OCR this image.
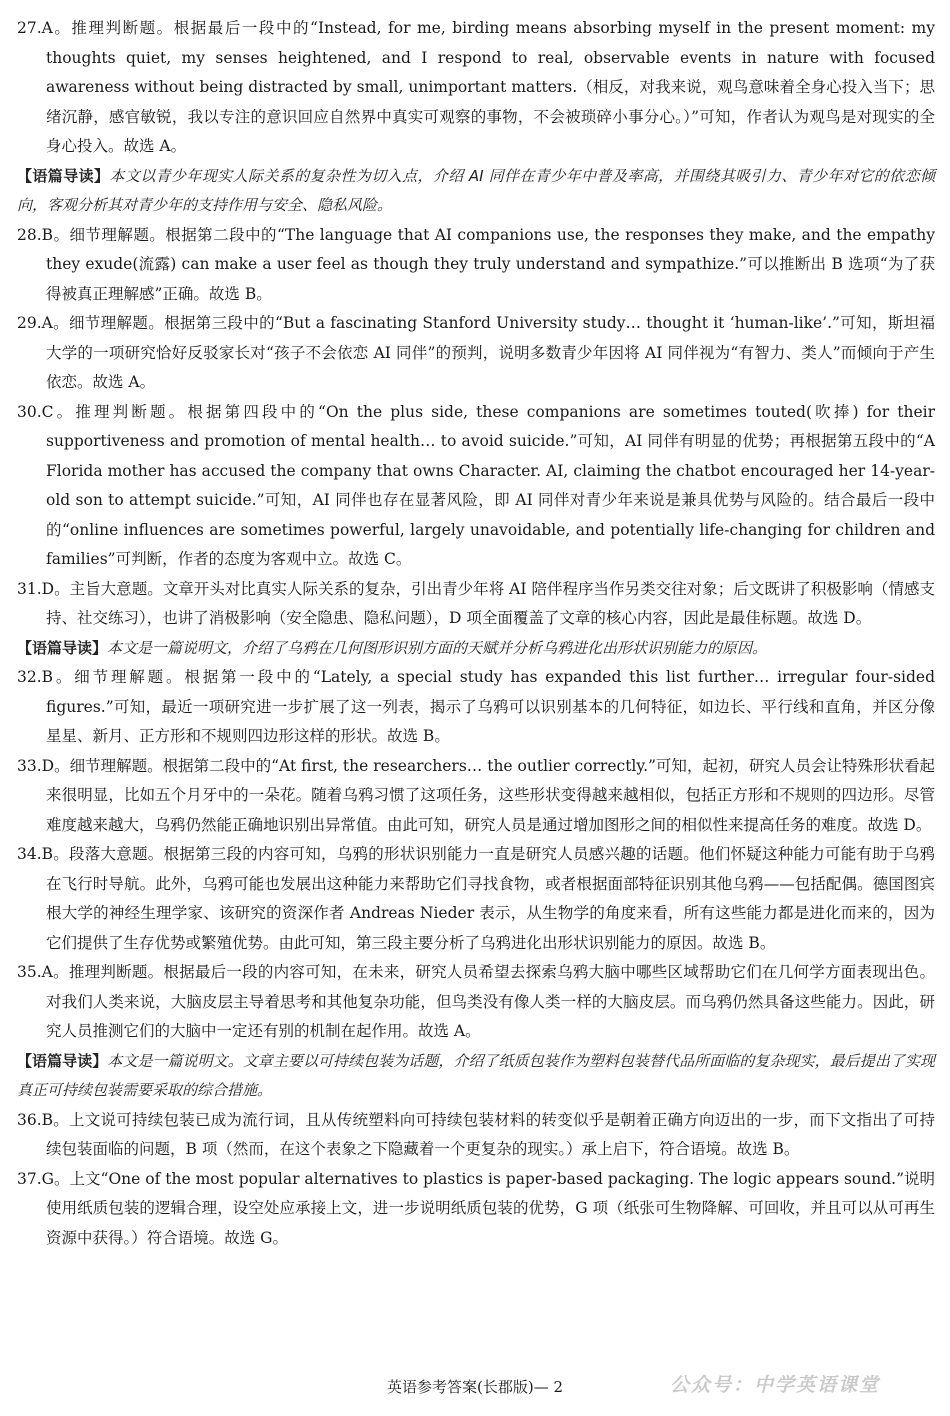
27.A。推理判断题。根据最后一段中的“Instead, for me, birding means absorbing myself in the present moment: my thoughts quiet, my senses heightened, and I respond to real, observable events in nature with focused awareness without being distracted by small, unimportant matters.（相反，对我来说，观鸟意味着全身心投入当下；思绪沉静，感官敏锐，我以专注的意识回应自然界中真实可观察的事物，不会被琐碎小事分心。）”可知，作者认为观鸟是对现实的全身心投入。故选 A。

【语篇导读】本文以青少年现实人际关系的复杂性为切入点，介绍 AI 同伴在青少年中普及率高，并围绕其吸引力、青少年对它的依恋倾向，客观分析其对青少年的支持作用与安全、隐私风险。

28.B。细节理解题。根据第二段中的“The language that AI companions use, the responses they make, and the empathy they exude(流露) can make a user feel as though they truly understand and sympathize.”可以推断出 B 选项“为了获得被真正理解感”正确。故选 B。

29.A。细节理解题。根据第三段中的“But a fascinating Stanford University study… thought it ‘human-like’.”可知，斯坦福大学的一项研究恰好反驳家长对“孩子不会依恋 AI 同伴”的预判，说明多数青少年因将 AI 同伴视为“有智力、类人”而倾向于产生依恋。故选 A。

30.C。推理判断题。根据第四段中的“On the plus side, these companions are sometimes touted(吹捧) for their supportiveness and promotion of mental health… to avoid suicide.”可知，AI 同伴有明显的优势；再根据第五段中的“A Florida mother has accused the company that owns Character. AI, claiming the chatbot encouraged her 14-year-old son to attempt suicide.”可知，AI 同伴也存在显著风险，即 AI 同伴对青少年来说是兼具优势与风险的。结合最后一段中的“online influences are sometimes powerful, largely unavoidable, and potentially life-changing for children and families”可判断，作者的态度为客观中立。故选 C。

31.D。主旨大意题。文章开头对比真实人际关系的复杂，引出青少年将 AI 陪伴程序当作另类交往对象；后文既讲了积极影响（情感支持、社交练习），也讲了消极影响（安全隐患、隐私问题），D 项全面覆盖了文章的核心内容，因此是最佳标题。故选 D。

【语篇导读】本文是一篇说明文，介绍了乌鸦在几何图形识别方面的天赋并分析乌鸦进化出形状识别能力的原因。

32.B。细节理解题。根据第一段中的“Lately, a special study has expanded this list further… irregular four-sided figures.”可知，最近一项研究进一步扩展了这一列表，揭示了乌鸦可以识别基本的几何特征，如边长、平行线和直角，并区分像星星、新月、正方形和不规则四边形这样的形状。故选 B。

33.D。细节理解题。根据第二段中的“At first, the researchers… the outlier correctly.”可知，起初，研究人员会让特殊形状看起来很明显，比如五个月牙中的一朵花。随着乌鸦习惯了这项任务，这些形状变得越来越相似，包括正方形和不规则的四边形。尽管难度越来越大，乌鸦仍然能正确地识别出异常值。由此可知，研究人员是通过增加图形之间的相似性来提高任务的难度。故选 D。

34.B。段落大意题。根据第三段的内容可知，乌鸦的形状识别能力一直是研究人员感兴趣的话题。他们怀疑这种能力可能有助于乌鸦在飞行时导航。此外，乌鸦可能也发展出这种能力来帮助它们寻找食物，或者根据面部特征识别其他乌鸦——包括配偶。德国图宾根大学的神经生理学家、该研究的资深作者 Andreas Nieder 表示，从生物学的角度来看，所有这些能力都是进化而来的，因为它们提供了生存优势或繁殖优势。由此可知，第三段主要分析了乌鸦进化出形状识别能力的原因。故选 B。

35.A。推理判断题。根据最后一段的内容可知，在未来，研究人员希望去探索乌鸦大脑中哪些区域帮助它们在几何学方面表现出色。对我们人类来说，大脑皮层主导着思考和其他复杂功能，但鸟类没有像人类一样的大脑皮层。而乌鸦仍然具备这些能力。因此，研究人员推测它们的大脑中一定还有别的机制在起作用。故选 A。

【语篇导读】本文是一篇说明文。文章主要以可持续包装为话题，介绍了纸质包装作为塑料包装替代品所面临的复杂现实，最后提出了实现真正可持续包装需要采取的综合措施。

36.B。上文说可持续包装已成为流行词，且从传统塑料向可持续包装材料的转变似乎是朝着正确方向迈出的一步，而下文指出了可持续包装面临的问题，B 项（然而，在这个表象之下隐藏着一个更复杂的现实。）承上启下，符合语境。故选 B。

37.G。上文“One of the most popular alternatives to plastics is paper-based packaging. The logic appears sound.”说明使用纸质包装的逻辑合理，设空处应承接上文，进一步说明纸质包装的优势，G 项（纸张可生物降解、可回收，并且可以从可再生资源中获得。）符合语境。故选 G。

英语参考答案(长郡版)— 2	公众号：中学英语课堂
